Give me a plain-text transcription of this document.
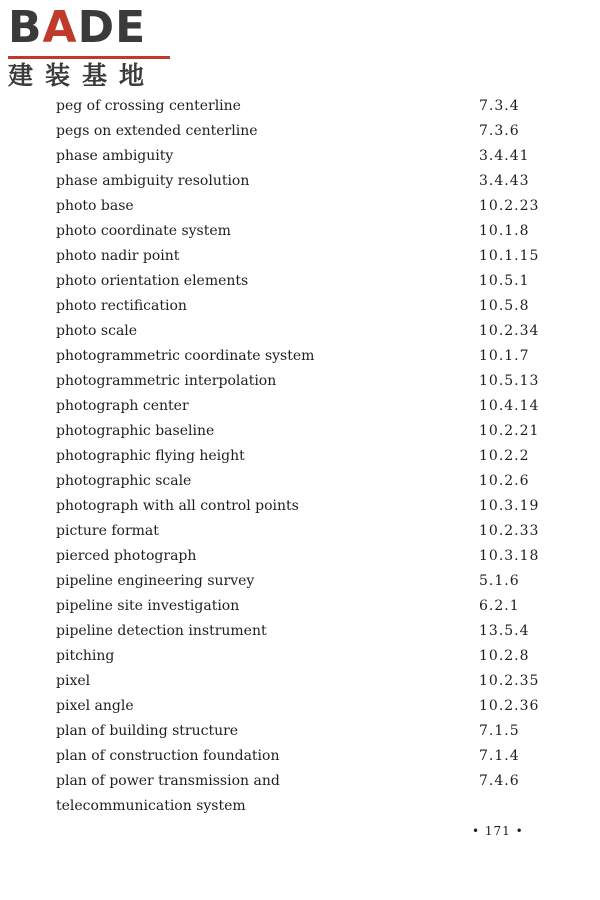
BADE
建装基地
peg of crossing centerline	7.3.4
pegs on extended centerline	7.3.6
phase ambiguity	3.4.41
phase ambiguity resolution	3.4.43
photo base	10.2.23
photo coordinate system	10.1.8
photo nadir point	10.1.15
photo orientation elements	10.5.1
photo rectification	10.5.8
photo scale	10.2.34
photogrammetric coordinate system	10.1.7
photogrammetric interpolation	10.5.13
photograph center	10.4.14
photographic baseline	10.2.21
photographic flying height	10.2.2
photographic scale	10.2.6
photograph with all control points	10.3.19
picture format	10.2.33
pierced photograph	10.3.18
pipeline engineering survey	5.1.6
pipeline site investigation	6.2.1
pipeline detection instrument	13.5.4
pitching	10.2.8
pixel	10.2.35
pixel angle	10.2.36
plan of building structure	7.1.5
plan of construction foundation	7.1.4
plan of power transmission and	7.4.6
telecommunication system
• 171 •
